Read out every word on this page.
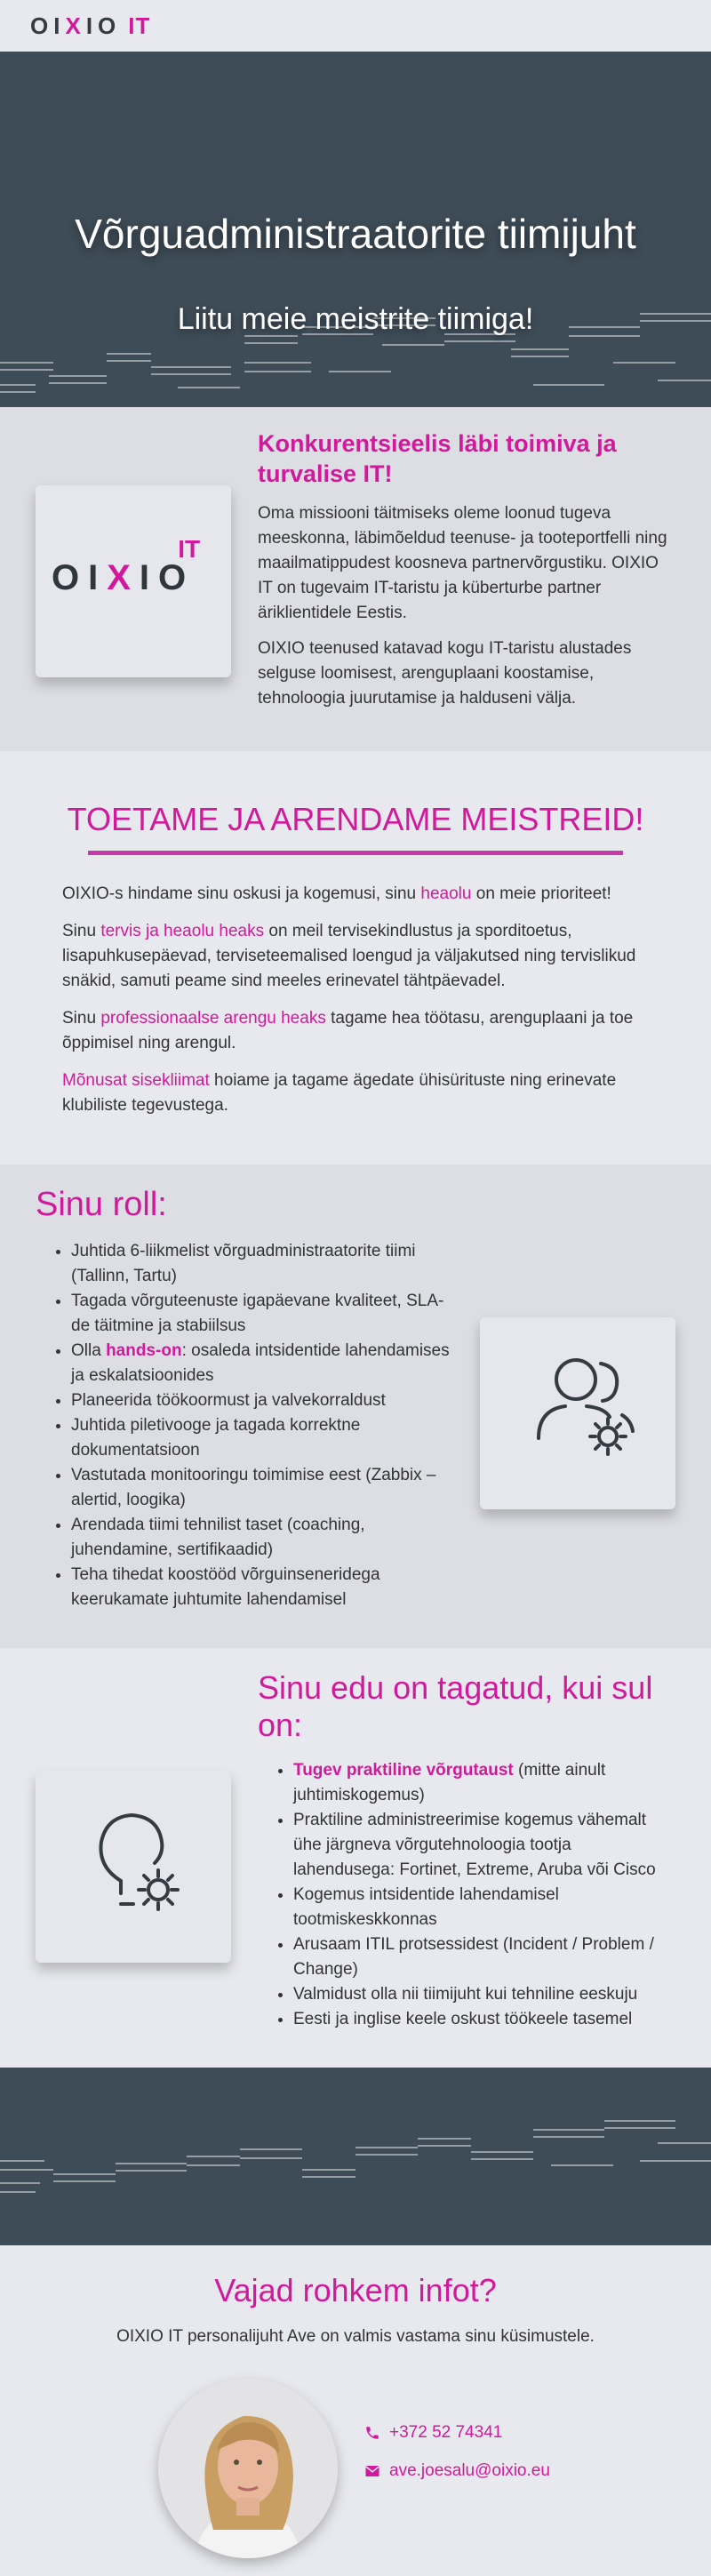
OIXIO IT
Võrguadministraatorite tiimijuht
Liitu meie meistrite tiimiga!
OIXIO
IT
Konkurentsieelis läbi toimiva ja turvalise IT!

Oma missiooni täitmiseks oleme loonud tugeva meeskonna, läbimõeldud teenuse- ja tooteportfelli ning maailmatippudest koosneva partnervõrgustiku. OIXIO IT on tugevaim IT-taristu ja küberturbe partner äriklientidele Eestis.

OIXIO teenused katavad kogu IT-taristu alustades selguse loomisest, arenguplaani koostamise, tehnoloogia juurutamise ja halduseni välja.

TOETAME JA ARENDAME MEISTREID!

OIXIO-s hindame sinu oskusi ja kogemusi, sinu heaolu on meie prioriteet!

Sinu tervis ja heaolu heaks on meil tervisekindlustus ja sporditoetus, lisapuhkusepäevad, terviseteemalised loengud ja väljakutsed ning tervislikud snäkid, samuti peame sind meeles erinevatel tähtpäevadel.

Sinu professionaalse arengu heaks tagame hea töötasu, arenguplaani ja toe õppimisel ning arengul.

Mõnusat sisekliimat hoiame ja tagame ägedate ühisürituste ning erinevate klubiliste tegevustega.

Sinu roll:
• Juhtida 6-liikmelist võrguadministraatorite tiimi (Tallinn, Tartu)
• Tagada võrguteenuste igapäevane kvaliteet, SLA-de täitmine ja stabiilsus
• Olla hands-on: osaleda intsidentide lahendamises ja eskalatsioonides
• Planeerida töökoormust ja valvekorraldust
• Juhtida piletivooge ja tagada korrektne dokumentatsioon
• Vastutada monitooringu toimimise eest (Zabbix – alertid, loogika)
• Arendada tiimi tehnilist taset (coaching, juhendamine, sertifikaadid)
• Teha tihedat koostööd võrguinseneridega keerukamate juhtumite lahendamisel
Sinu edu on tagatud, kui sul on:
• Tugev praktiline võrgutaust (mitte ainult juhtimiskogemus)
• Praktiline administreerimise kogemus vähemalt ühe järgneva võrgutehnoloogia tootja lahendusega: Fortinet, Extreme, Aruba või Cisco
• Kogemus intsidentide lahendamisel tootmiskeskkonnas
• Arusaam ITIL protsessidest (Incident / Problem / Change)
• Valmidust olla nii tiimijuht kui tehniline eeskuju
• Eesti ja inglise keele oskust töökeele tasemel
Vajad rohkem infot?
OIXIO IT personalijuht Ave on valmis vastama sinu küsimustele.
+372 52 74341
ave.joesalu@oixio.eu
